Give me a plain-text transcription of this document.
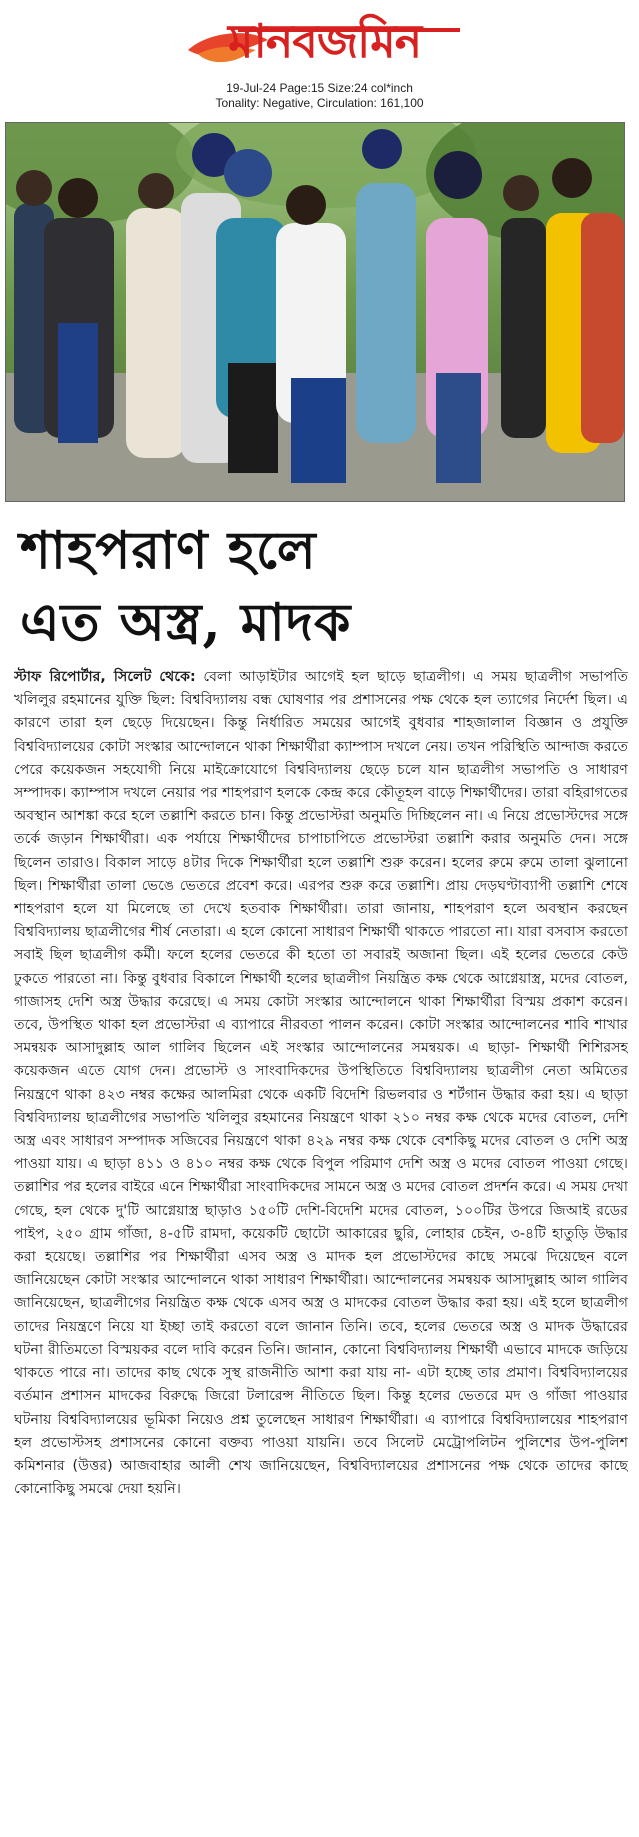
মানবজমিন
19-Jul-24 Page:15 Size:24 col*inch
Tonality: Negative, Circulation: 161,100
শাহপরাণ হলে
এত অস্ত্র, মাদক
স্টাফ রিপোর্টার, সিলেট থেকে: বেলা আড়াইটার আগেই হল ছাড়ে ছাত্রলীগ। এ সময় ছাত্রলীগ সভাপতি খলিলুর রহমানের যুক্তি ছিল: বিশ্ববিদ্যালয় বন্ধ ঘোষণার পর প্রশাসনের পক্ষ থেকে হল ত্যাগের নির্দেশ ছিল। এ কারণে তারা হল ছেড়ে দিয়েছেন। কিন্তু নির্ধারিত সময়ের আগেই বুধবার শাহজালাল বিজ্ঞান ও প্রযুক্তি বিশ্ববিদ্যালয়ের কোটা সংস্কার আন্দোলনে থাকা শিক্ষার্থীরা ক্যাম্পাস দখলে নেয়। তখন পরিস্থিতি আন্দাজ করতে পেরে কয়েকজন সহযোগী নিয়ে মাইক্রোযোগে বিশ্ববিদ্যালয় ছেড়ে চলে যান ছাত্রলীগ সভাপতি ও সাধারণ সম্পাদক। ক্যাম্পাস দখলে নেয়ার পর শাহপরাণ হলকে কেন্দ্র করে কৌতূহল বাড়ে শিক্ষার্থীদের। তারা বহিরাগতের অবস্থান আশঙ্কা করে হলে তল্লাশি করতে চান। কিন্তু প্রভোস্টরা অনুমতি দিচ্ছিলেন না। এ নিয়ে প্রভোস্টদের সঙ্গে তর্কে জড়ান শিক্ষার্থীরা। এক পর্যায়ে শিক্ষার্থীদের চাপাচাপিতে প্রভোস্টরা তল্লাশি করার অনুমতি দেন। সঙ্গে ছিলেন তারাও। বিকাল সাড়ে ৪টার দিকে শিক্ষার্থীরা হলে তল্লাশি শুরু করেন। হলের রুমে রুমে তালা ঝুলানো ছিল। শিক্ষার্থীরা তালা ভেঙে ভেতরে প্রবেশ করে। এরপর শুরু করে তল্লাশি। প্রায় দেড়ঘণ্টাব্যাপী তল্লাশি শেষে শাহপরাণ হলে যা মিলেছে তা দেখে হতবাক শিক্ষার্থীরা। তারা জানায়, শাহপরাণ হলে অবস্থান করছেন বিশ্ববিদ্যালয় ছাত্রলীগের শীর্ষ নেতারা। এ হলে কোনো সাধারণ শিক্ষার্থী থাকতে পারতো না। যারা বসবাস করতো সবাই ছিল ছাত্রলীগ কর্মী। ফলে হলের ভেতরে কী হতো তা সবারই অজানা ছিল। এই হলের ভেতরে কেউ ঢুকতে পারতো না। কিন্তু বুধবার বিকালে শিক্ষার্থী হলের ছাত্রলীগ নিয়ন্ত্রিত কক্ষ থেকে আগ্নেয়াস্ত্র, মদের বোতল, গাজাসহ দেশি অস্ত্র উদ্ধার করেছে। এ সময় কোটা সংস্কার আন্দোলনে থাকা শিক্ষার্থীরা বিস্ময় প্রকাশ করেন। তবে, উপস্থিত থাকা হল প্রভোস্টরা এ ব্যাপারে নীরবতা পালন করেন। কোটা সংস্কার আন্দোলনের শাবি শাখার সমন্বয়ক আসাদুল্লাহ আল গালিব ছিলেন এই সংস্কার আন্দোলনের সমন্বয়ক। এ ছাড়া- শিক্ষার্থী শিশিরসহ কয়েকজন এতে যোগ দেন। প্রভোস্ট ও সাংবাদিকদের উপস্থিতিতে বিশ্ববিদ্যালয় ছাত্রলীগ নেতা অমিতের নিয়ন্ত্রণে থাকা ৪২৩ নম্বর কক্ষের আলমিরা থেকে একটি বিদেশি রিভলবার ও শর্টগান উদ্ধার করা হয়। এ ছাড়া বিশ্ববিদ্যালয় ছাত্রলীগের সভাপতি খলিলুর রহমানের নিয়ন্ত্রণে থাকা ২১০ নম্বর কক্ষ থেকে মদের বোতল, দেশি অস্ত্র এবং সাধারণ সম্পাদক সজিবের নিয়ন্ত্রণে থাকা ৪২৯ নম্বর কক্ষ থেকে বেশকিছু মদের বোতল ও দেশি অস্ত্র পাওয়া যায়। এ ছাড়া ৪১১ ও ৪১০ নম্বর কক্ষ থেকে বিপুল পরিমাণ দেশি অস্ত্র ও মদের বোতল পাওয়া গেছে। তল্লাশির পর হলের বাইরে এনে শিক্ষার্থীরা সাংবাদিকদের সামনে অস্ত্র ও মদের বোতল প্রদর্শন করে। এ সময় দেখা গেছে, হল থেকে দু'টি আগ্নেয়াস্ত্র ছাড়াও ১৫০টি দেশি-বিদেশি মদের বোতল, ১০০টির উপরে জিআই রডের পাইপ, ২৫০ গ্রাম গাঁজা, ৪-৫টি রামদা, কয়েকটি ছোটো আকারের ছুরি, লোহার চেইন, ৩-৪টি হাতুড়ি উদ্ধার করা হয়েছে। তল্লাশির পর শিক্ষার্থীরা এসব অস্ত্র ও মাদক হল প্রভোস্টদের কাছে সমঝে দিয়েছেন বলে জানিয়েছেন কোটা সংস্কার আন্দোলনে থাকা সাধারণ শিক্ষার্থীরা। আন্দোলনের সমন্বয়ক আসাদুল্লাহ আল গালিব জানিয়েছেন, ছাত্রলীগের নিয়ন্ত্রিত কক্ষ থেকে এসব অস্ত্র ও মাদকের বোতল উদ্ধার করা হয়। এই হলে ছাত্রলীগ তাদের নিয়ন্ত্রণে নিয়ে যা ইচ্ছা তাই করতো বলে জানান তিনি। তবে, হলের ভেতরে অস্ত্র ও মাদক উদ্ধারের ঘটনা রীতিমতো বিস্ময়কর বলে দাবি করেন তিনি। জানান, কোনো বিশ্ববিদ্যালয় শিক্ষার্থী এভাবে মাদকে জড়িয়ে থাকতে পারে না। তাদের কাছ থেকে সুস্থ রাজনীতি আশা করা যায় না- এটা হচ্ছে তার প্রমাণ। বিশ্ববিদ্যালয়ের বর্তমান প্রশাসন মাদকের বিরুদ্ধে জিরো টলারেন্স নীতিতে ছিল। কিন্তু হলের ভেতরে মদ ও গাঁজা পাওয়ার ঘটনায় বিশ্ববিদ্যালয়ের ভূমিকা নিয়েও প্রশ্ন তুলেছেন সাধারণ শিক্ষার্থীরা। এ ব্যাপারে বিশ্ববিদ্যালয়ের শাহপরাণ হল প্রভোস্টসহ প্রশাসনের কোনো বক্তব্য পাওয়া যায়নি। তবে সিলেট মেট্রোপলিটন পুলিশের উপ-পুলিশ কমিশনার (উত্তর) আজবাহার আলী শেখ জানিয়েছেন, বিশ্ববিদ্যালয়ের প্রশাসনের পক্ষ থেকে তাদের কাছে কোনোকিছু সমঝে দেয়া হয়নি।
